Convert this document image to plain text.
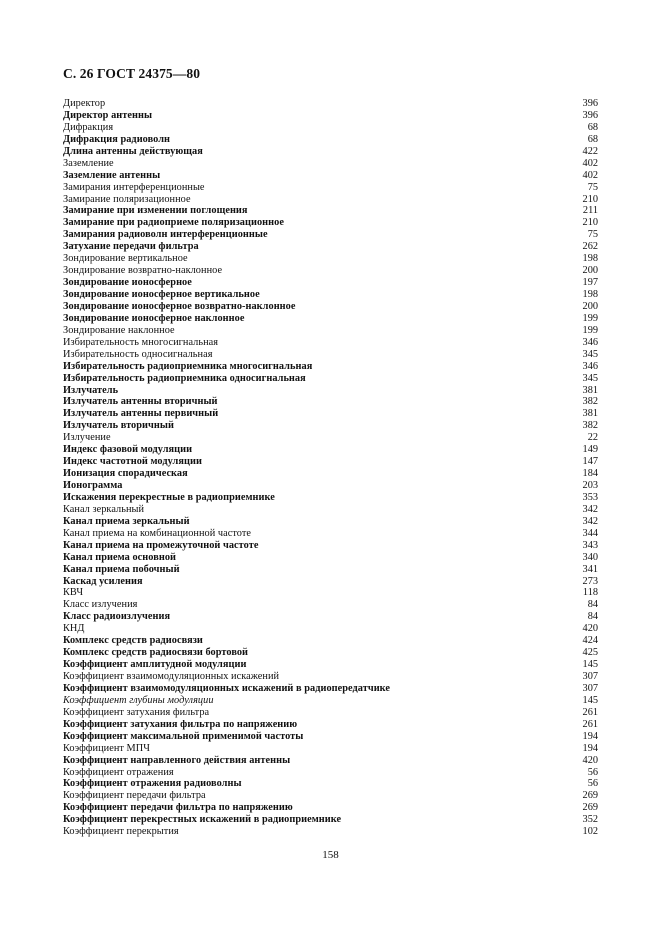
С. 26 ГОСТ 24375—80
Директор	396
Директор антенны	396
Дифракция	68
Дифракция радиоволн	68
Длина антенны действующая	422
Заземление	402
Заземление антенны	402
Замирания интерференционные	75
Замирание поляризационное	210
Замирание при изменении поглощения	211
Замирание при радиоприеме поляризационное	210
Замирания радиоволн интерференционные	75
Затухание передачи фильтра	262
Зондирование вертикальное	198
Зондирование возвратно-наклонное	200
Зондирование ионосферное	197
Зондирование ионосферное вертикальное	198
Зондирование ионосферное возвратно-наклонное	200
Зондирование ионосферное наклонное	199
Зондирование наклонное	199
Избирательность многосигнальная	346
Избирательность односигнальная	345
Избирательность радиоприемника многосигнальная	346
Избирательность радиоприемника односигнальная	345
Излучатель	381
Излучатель антенны вторичный	382
Излучатель антенны первичный	381
Излучатель вторичный	382
Излучение	22
Индекс фазовой модуляции	149
Индекс частотной модуляции	147
Ионизация спорадическая	184
Ионограмма	203
Искажения перекрестные в радиоприемнике	353
Канал зеркальный	342
Канал приема зеркальный	342
Канал приема на комбинационной частоте	344
Канал приема на промежуточной частоте	343
Канал приема основной	340
Канал приема побочный	341
Каскад усиления	273
КВЧ	118
Класс излучения	84
Класс радиоизлучения	84
КНД	420
Комплекс средств радиосвязи	424
Комплекс средств радиосвязи бортовой	425
Коэффициент амплитудной модуляции	145
Коэффициент взаимомодуляционных искажений	307
Коэффициент взаимомодуляционных искажений в радиопередатчике	307
Коэффициент глубины модуляции	145
Коэффициент затухания фильтра	261
Коэффициент затухания фильтра по напряжению	261
Коэффициент максимальной применимой частоты	194
Коэффициент МПЧ	194
Коэффициент направленного действия антенны	420
Коэффициент отражения	56
Коэффициент отражения радиоволны	56
Коэффициент передачи фильтра	269
Коэффициент передачи фильтра по напряжению	269
Коэффициент перекрестных искажений в радиоприемнике	352
Коэффициент перекрытия	102
158
